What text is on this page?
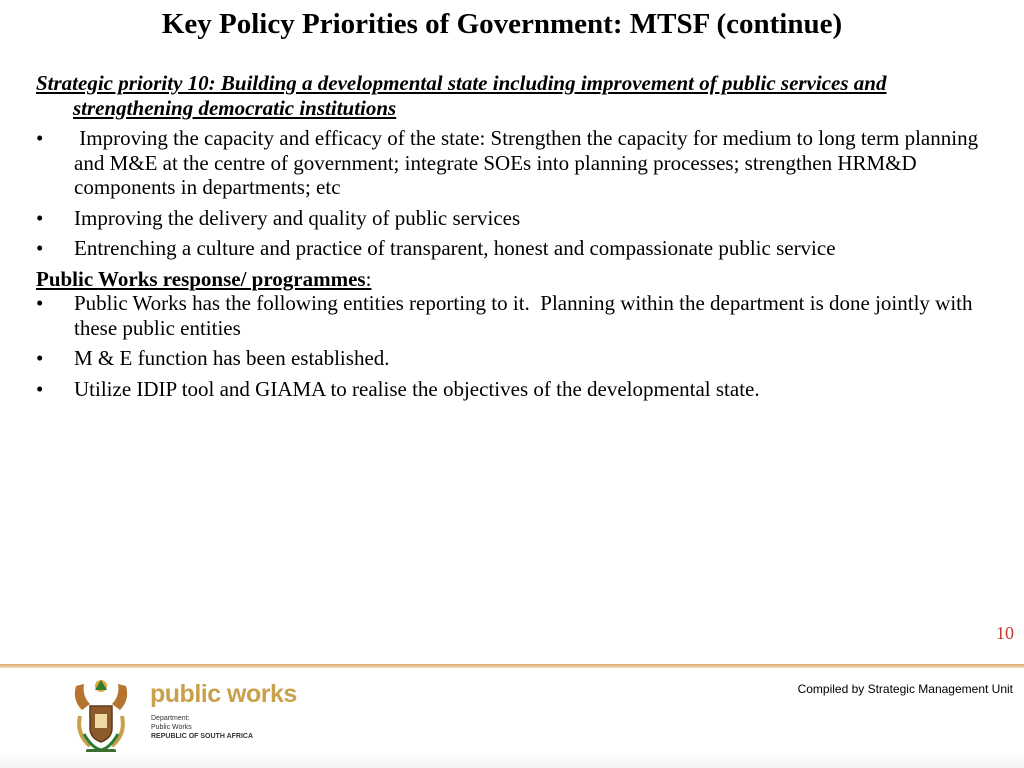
Key Policy Priorities of Government: MTSF (continue)
Strategic priority 10: Building a developmental state including improvement of public services and strengthening democratic institutions
• Improving the capacity and efficacy of the state: Strengthen the capacity for medium to long term planning and M&E at the centre of government; integrate SOEs into planning processes; strengthen HRM&D components in departments; etc
• Improving the delivery and quality of public services
• Entrenching a culture and practice of transparent, honest and compassionate public service
Public Works response/ programmes:
• Public Works has the following entities reporting to it.  Planning within the department is done jointly with these public entities
• M & E function has been established.
• Utilize IDIP tool and GIAMA to realise the objectives of the developmental state.
10
Compiled by Strategic Management Unit
public works
Department:
Public Works
REPUBLIC OF SOUTH AFRICA
